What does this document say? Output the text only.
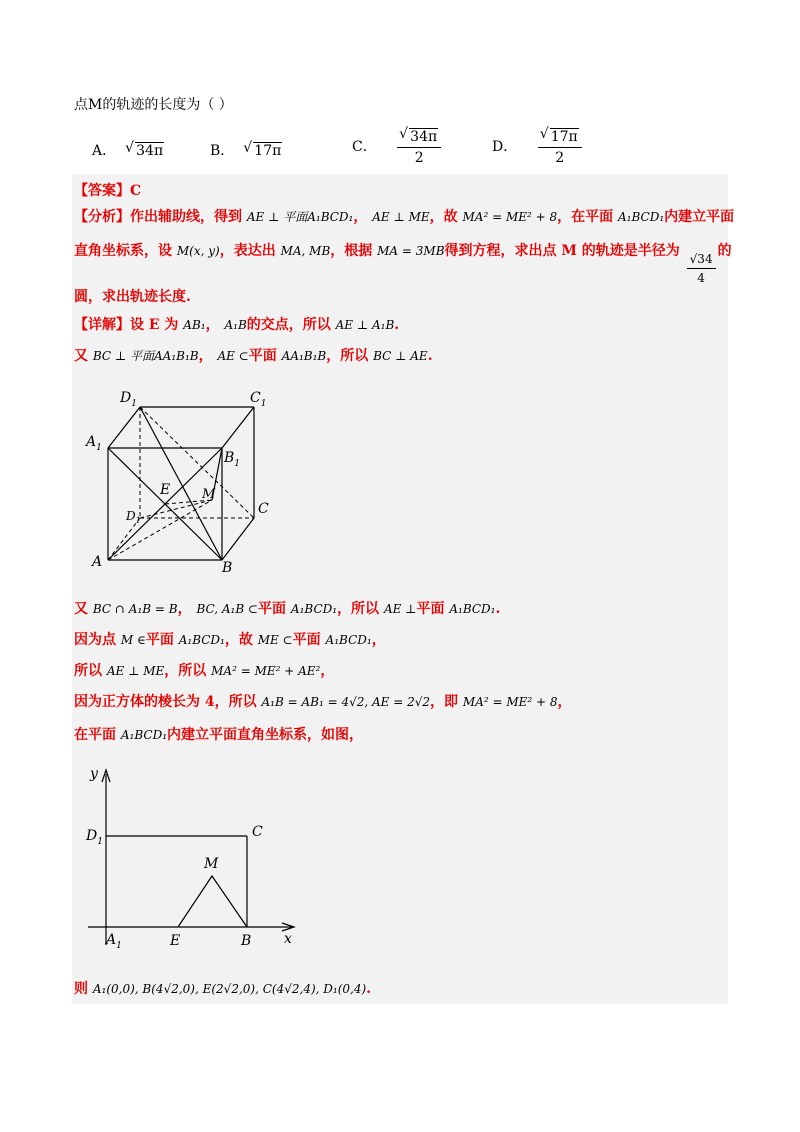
点M的轨迹的长度为（ ）
A． √ 34π	B． √ 17π	C． √ $\frac{34\pi}{2}$	D． √ $\frac{17\pi}{2}$
【答案】C
【分析】作出辅助线，得到 AE ⊥ 平面A₁BCD₁， AE ⊥ ME，故 MA² = ME² + 8，在平面 A₁BCD₁内建立平面
直角坐标系，设 M(x, y)，表达出 MA, MB，根据 MA = 3MB得到方程，求出点 M 的轨迹是半径为
$\frac{√34}{4}$
的
圆，求出轨迹长度.
【详解】设 E 为 AB₁， A₁B的交点，所以 AE ⊥ A₁B.
又 BC ⊥ 平面AA₁B₁B， AE ⊂平面 AA₁B₁B，所以 BC ⊥ AE.
$D_1$	$C_1$
$A_1$
$B_1$
E M
$D_1$
C
A	B
又 BC ∩ A₁B = B， BC, A₁B ⊂平面 A₁BCD₁，所以 AE ⊥平面 A₁BCD₁.
因为点 M ∈平面 A₁BCD₁，故 ME ⊂平面 A₁BCD₁，
所以 AE ⊥ ME，所以 MA² = ME² + AE²，
因为正方体的棱长为 4，所以 A₁B = AB₁ = 4√2, AE = 2√2，即 MA² = ME² + 8，
在平面 A₁BCD₁内建立平面直角坐标系，如图，
y
x
$D_1$
C
M
$A_1$	E	B
则 A₁(0,0), B(4√2,0), E(2√2,0), C(4√2,4), D₁(0,4).
